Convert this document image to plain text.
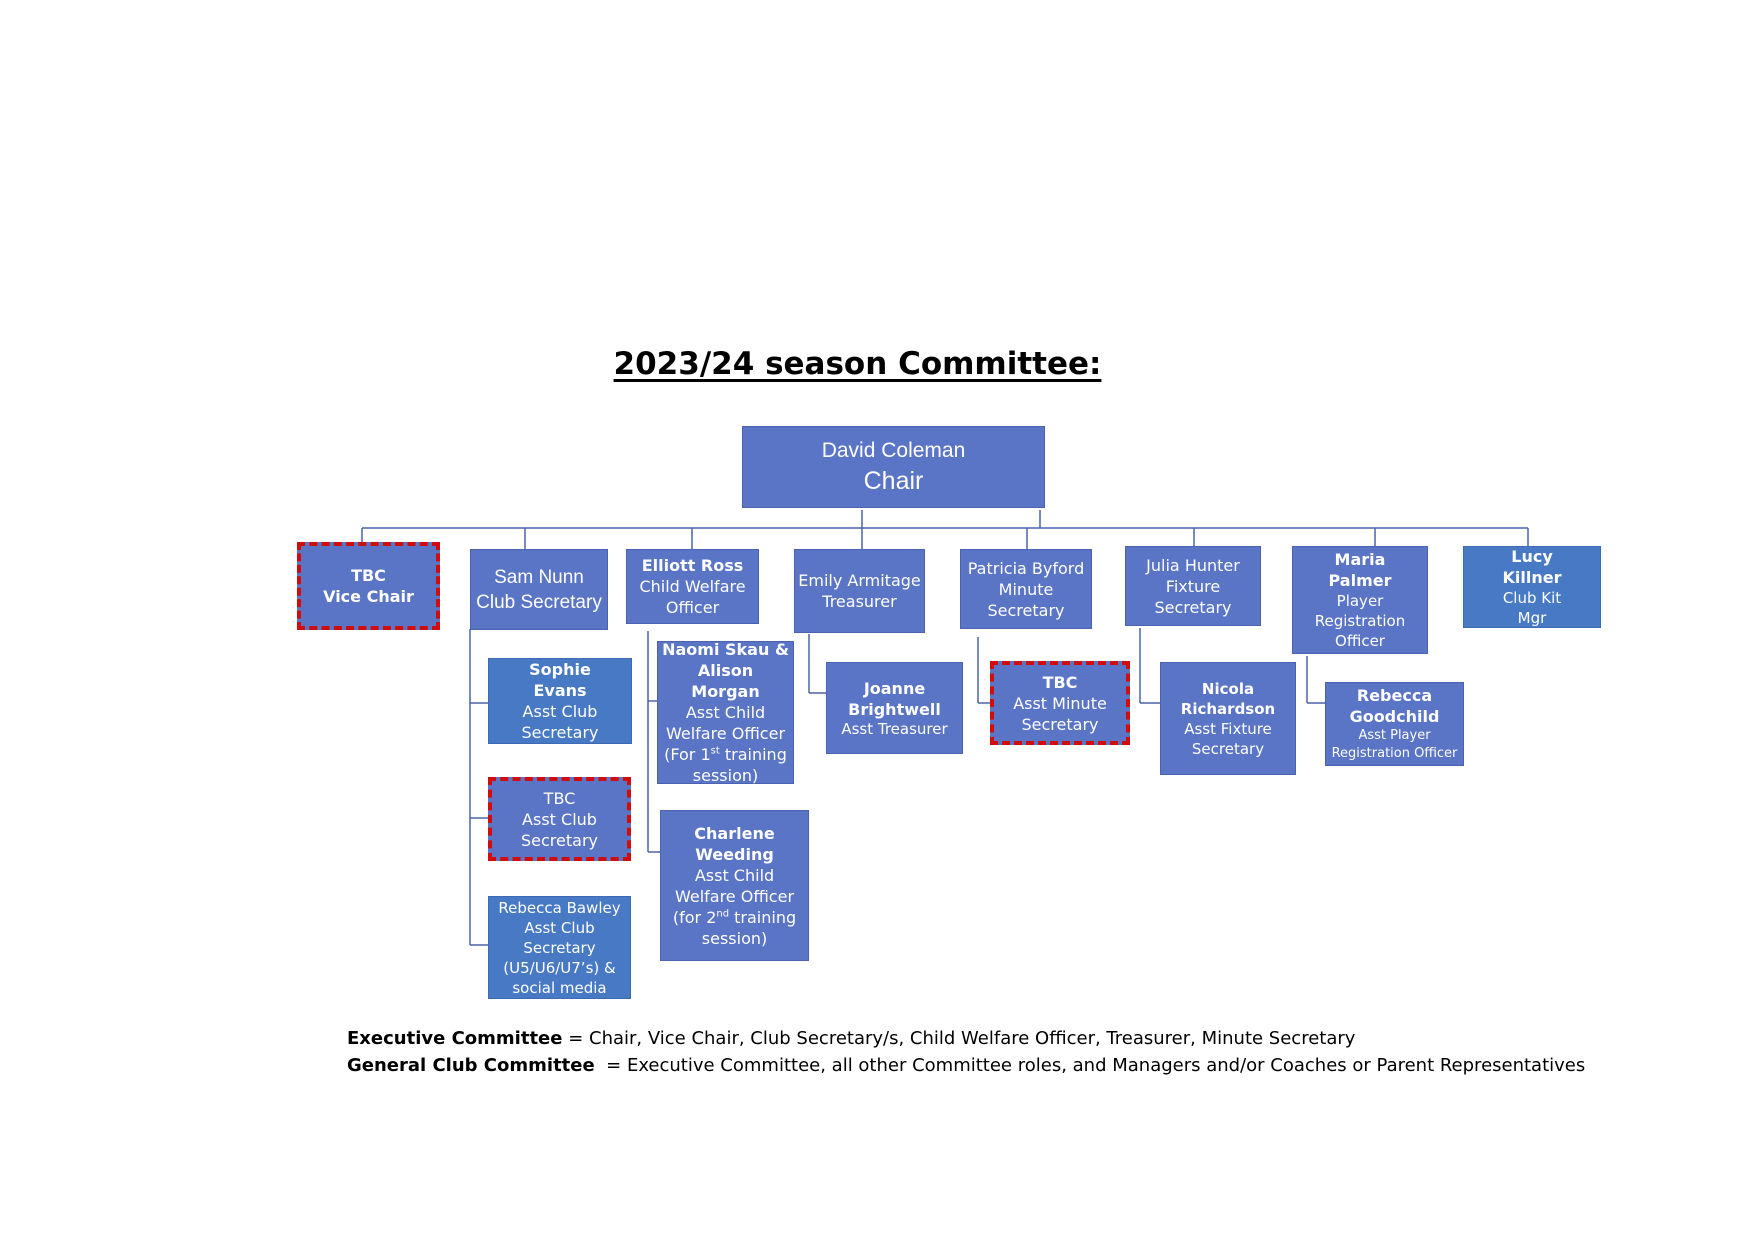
2023/24 season Committee:
David Coleman
Chair
TBC
Vice Chair
Sam Nunn
Club Secretary
Elliott Ross
Child Welfare Officer
Emily Armitage
Treasurer
Patricia Byford
Minute Secretary
Julia Hunter
Fixture Secretary
Maria Palmer
Player Registration Officer
Lucy Killner
Club Kit Mgr
Sophie Evans
Asst Club Secretary
TBC
Asst Club Secretary
Rebecca Bawley
Asst Club Secretary (U5/U6/U7’s) & social media
Naomi Skau & Alison Morgan
Asst Child Welfare Officer (For 1st training session)
Charlene Weeding
Asst Child Welfare Officer (for 2nd training session)
Joanne Brightwell
Asst Treasurer
TBC
Asst Minute Secretary
Nicola Richardson
Asst Fixture Secretary
Rebecca Goodchild
Asst Player Registration Officer
Executive Committee = Chair, Vice Chair, Club Secretary/s, Child Welfare Officer, Treasurer, Minute Secretary
General Club Committee  = Executive Committee, all other Committee roles, and Managers and/or Coaches or Parent Representatives
